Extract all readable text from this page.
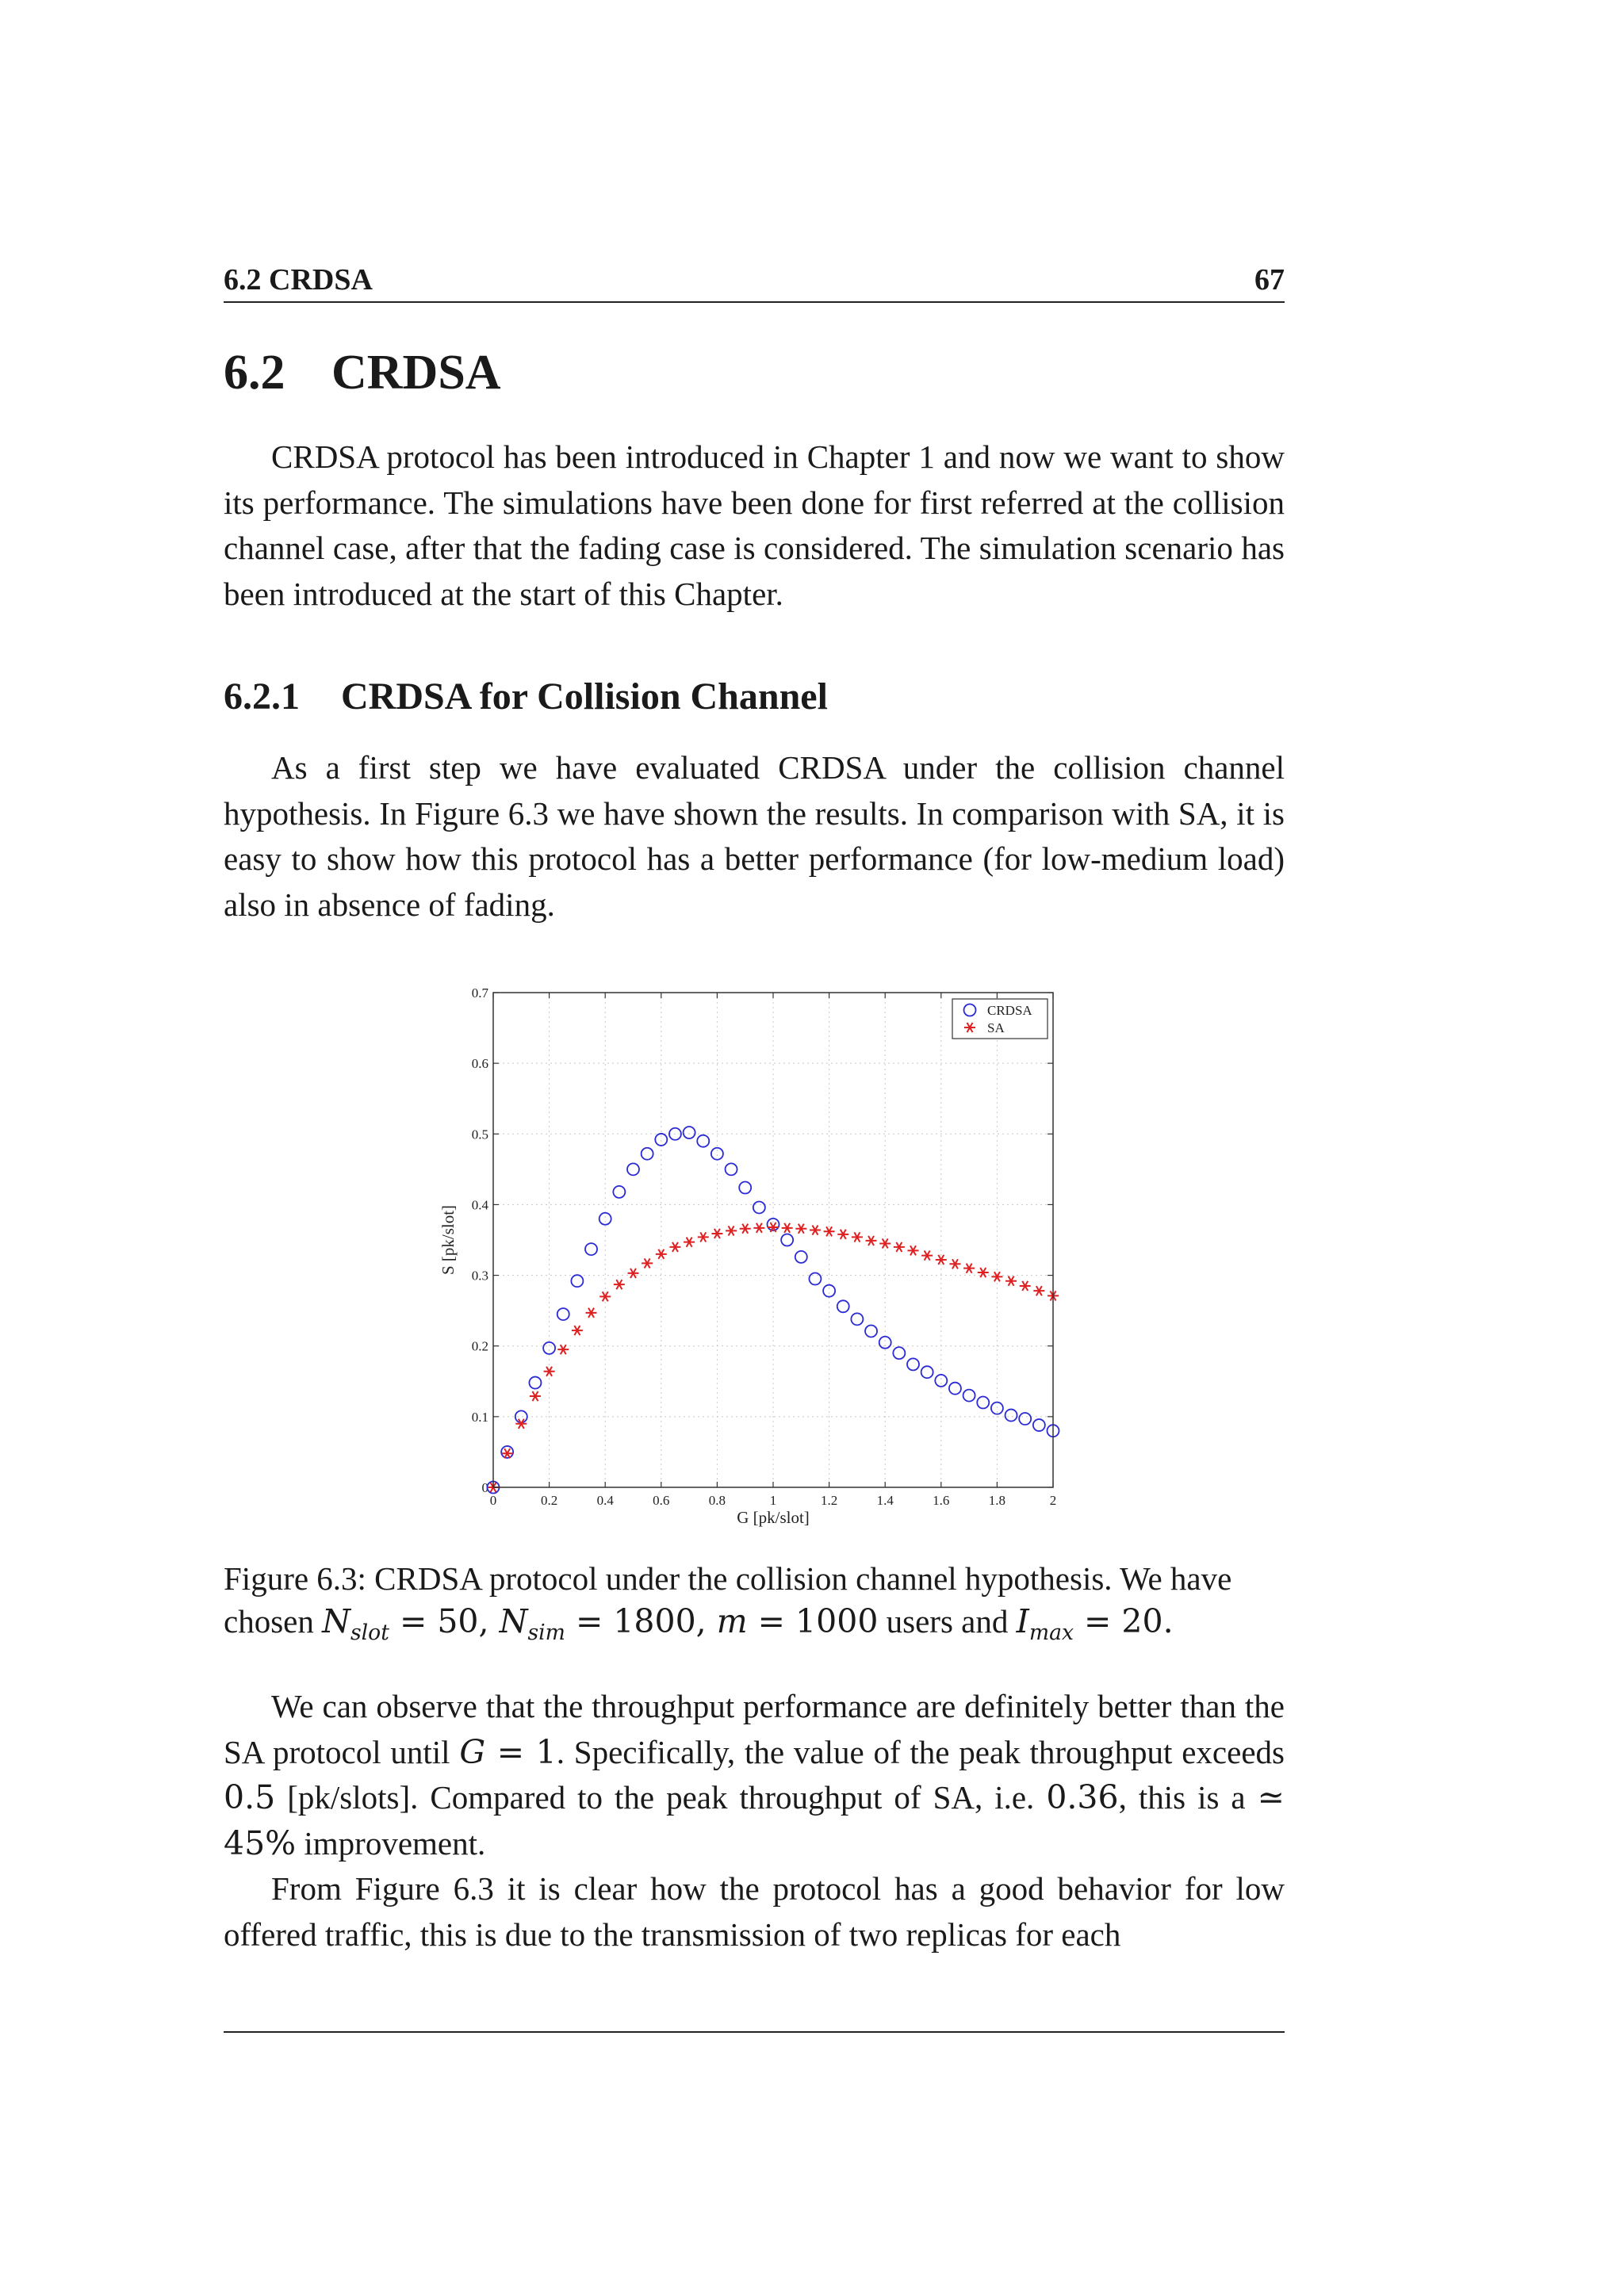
6.2 CRDSA	67
6.2 CRDSA

CRDSA protocol has been introduced in Chapter 1 and now we want to show its performance. The simulations have been done for first referred at the collision channel case, after that the fading case is considered. The simulation scenario has been introduced at the start of this Chapter.

6.2.1 CRDSA for Collision Channel

As a first step we have evaluated CRDSA under the collision channel hypothesis. In Figure 6.3 we have shown the results. In comparison with SA, it is easy to show how this protocol has a better performance (for low-medium load) also in absence of fading.

0	0.2	0.4	0.6	0.8	1	1.2	1.4	1.6	1.8	2
0
0.1
0.2
0.3
0.4
0.5
0.6
0.7
G [pk/slot]
S [pk/slot]
CRDSA
SA

Figure 6.3: CRDSA protocol under the collision channel hypothesis. We have chosen $N_{slot} = 50$, $N_{sim} = 1800$, m = 1000 users and $I_{max} = 20$.

We can observe that the throughput performance are definitely better than the SA protocol until G = 1. Specifically, the value of the peak throughput exceeds 0.5 [pk/slots]. Compared to the peak throughput of SA, i.e. 0.36, this is a ≃ 45% improvement.

From Figure 6.3 it is clear how the protocol has a good behavior for low offered traffic, this is due to the transmission of two replicas for each
